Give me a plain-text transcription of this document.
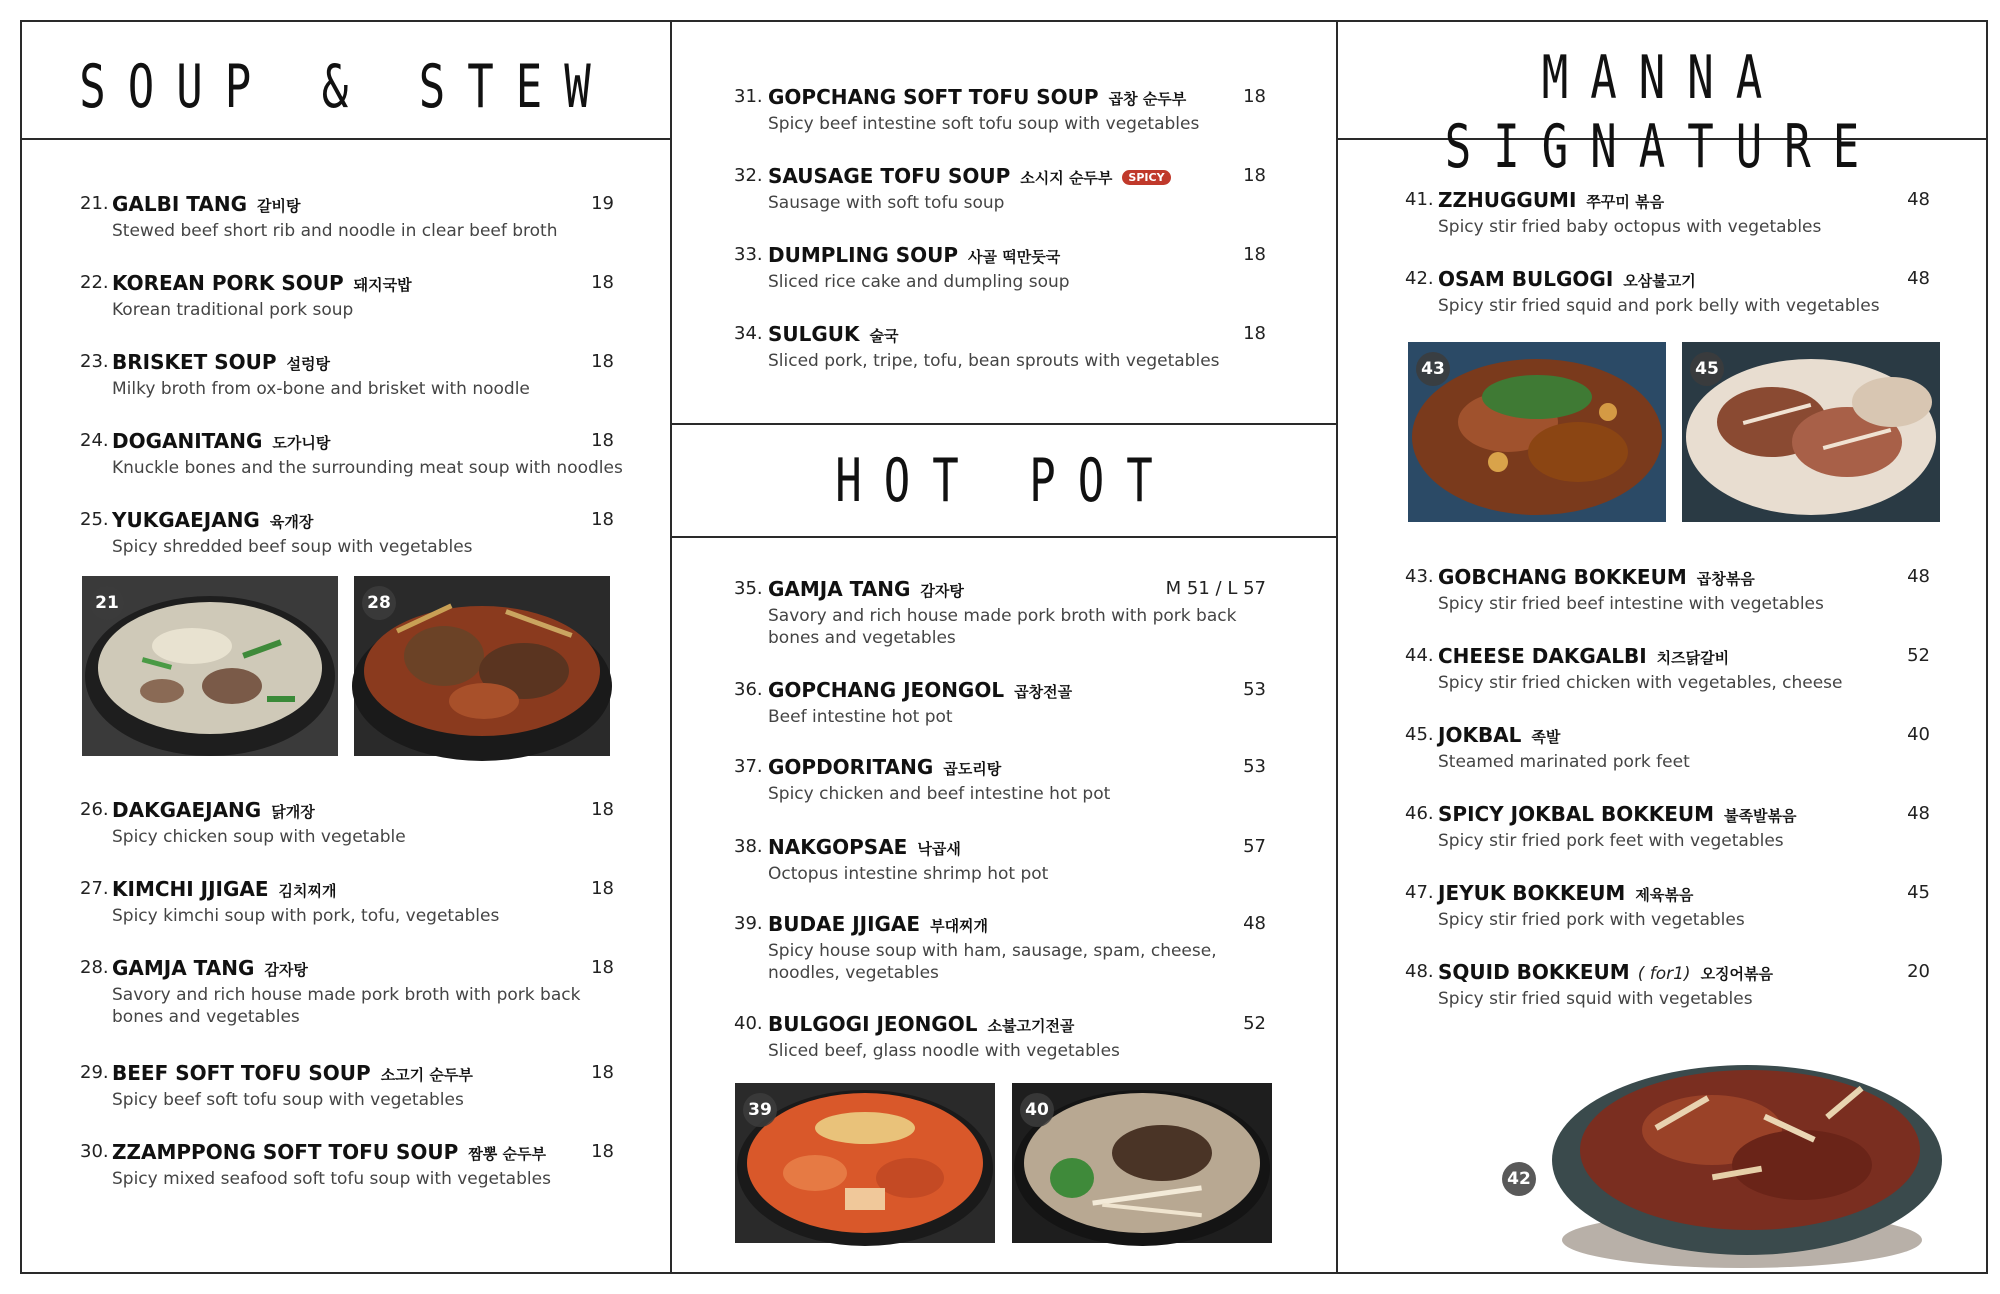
SOUP & STEW
21. GALBI TANG 갈비탕	19
Stewed beef short rib and noodle in clear beef broth
22. KOREAN PORK SOUP 돼지국밥	18
Korean traditional pork soup
23. BRISKET SOUP 설렁탕	18
Milky broth from ox-bone and brisket with noodle
24. DOGANITANG 도가니탕	18
Knuckle bones and the surrounding meat soup with noodles
25. YUKGAEJANG 육개장	18
Spicy shredded beef soup with vegetables
26. DAKGAEJANG 닭개장	18
Spicy chicken soup with vegetable
27. KIMCHI JJIGAE 김치찌개	18
Spicy kimchi soup with pork, tofu, vegetables
28. GAMJA TANG 감자탕	18
Savory and rich house made pork broth with pork back bones and vegetables
29. BEEF SOFT TOFU SOUP 소고기 순두부	18
Spicy beef soft tofu soup with vegetables
30. ZZAMPPONG SOFT TOFU SOUP 짬뽕 순두부	18
Spicy mixed seafood soft tofu soup with vegetables
21	28
31. GOPCHANG SOFT TOFU SOUP 곱창 순두부	18
Spicy beef intestine soft tofu soup with vegetables
32. SAUSAGE TOFU SOUP 소시지 순두부 SPICY	18
Sausage with soft tofu soup
33. DUMPLING SOUP 사골 떡만둣국	18
Sliced rice cake and dumpling soup
34. SULGUK 술국	18
Sliced pork, tripe, tofu, bean sprouts with vegetables
HOT POT
35. GAMJA TANG 감자탕	M 51 / L 57
Savory and rich house made pork broth with pork back bones and vegetables
36. GOPCHANG JEONGOL 곱창전골	53
Beef intestine hot pot
37. GOPDORITANG 곱도리탕	53
Spicy chicken and beef intestine hot pot
38. NAKGOPSAE 낙곱새	57
Octopus intestine shrimp hot pot
39. BUDAE JJIGAE 부대찌개	48
Spicy house soup with ham, sausage, spam, cheese, noodles, vegetables
40. BULGOGI JEONGOL 소불고기전골	52
Sliced beef, glass noodle with vegetables
39	40
MANNA SIGNATURE
41. ZZHUGGUMI 쭈꾸미 볶음	48
Spicy stir fried baby octopus with vegetables
42. OSAM BULGOGI 오삼불고기	48
Spicy stir fried squid and pork belly with vegetables
43. GOBCHANG BOKKEUM 곱창볶음	48
Spicy stir fried beef intestine with vegetables
44. CHEESE DAKGALBI 치즈닭갈비	52
Spicy stir fried chicken with vegetables, cheese
45. JOKBAL 족발	40
Steamed marinated pork feet
46. SPICY JOKBAL BOKKEUM 불족발볶음	48
Spicy stir fried pork feet with vegetables
47. JEYUK BOKKEUM 제육볶음	45
Spicy stir fried pork with vegetables
48. SQUID BOKKEUM ( for1) 오징어볶음	20
Spicy stir fried squid with vegetables
43	45
42
